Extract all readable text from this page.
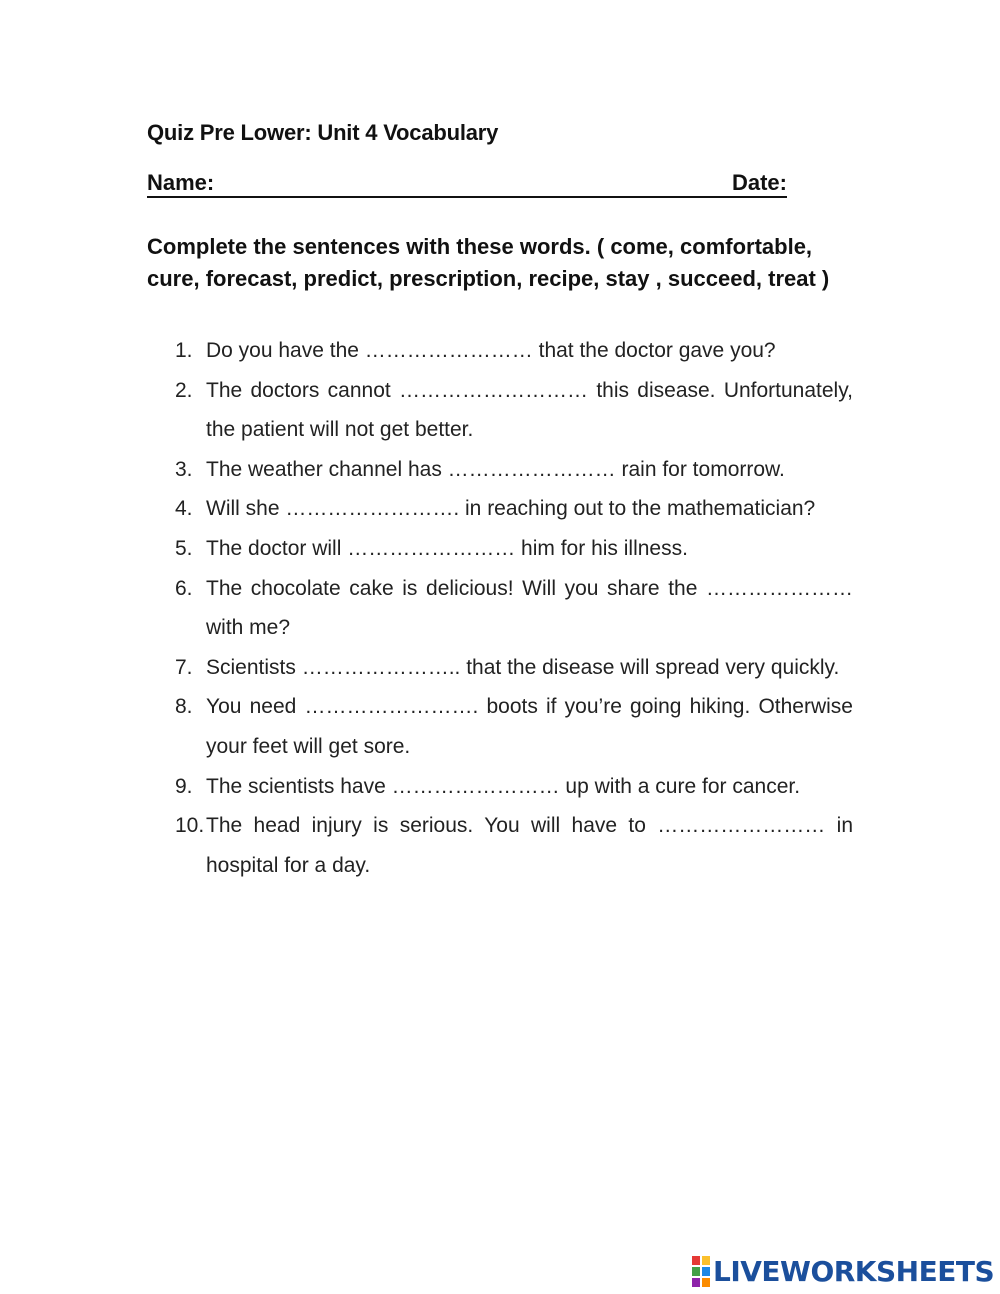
Quiz Pre Lower: Unit 4 Vocabulary
Name:	Date:
Complete the sentences with these words. ( come, comfortable, cure, forecast, predict, prescription, recipe, stay , succeed, treat )
1. Do you have the …………………… that the doctor gave you?
2. The doctors cannot ……………………… this disease. Unfortunately, the patient will not get better.
3. The weather channel has …………………… rain for tomorrow.
4. Will she ……………………. in reaching out to the mathematician?
5. The doctor will …………………… him for his illness.
6. The chocolate cake is delicious! Will you share the ………………… with me?
7. Scientists ………………….. that the disease will spread very quickly.
8. You need ……………………. boots if you’re going hiking. Otherwise your feet will get sore.
9. The scientists have …………………… up with a cure for cancer.
10. The head injury is serious. You will have to …………………… in hospital for a day.
LIVEWORKSHEETS
